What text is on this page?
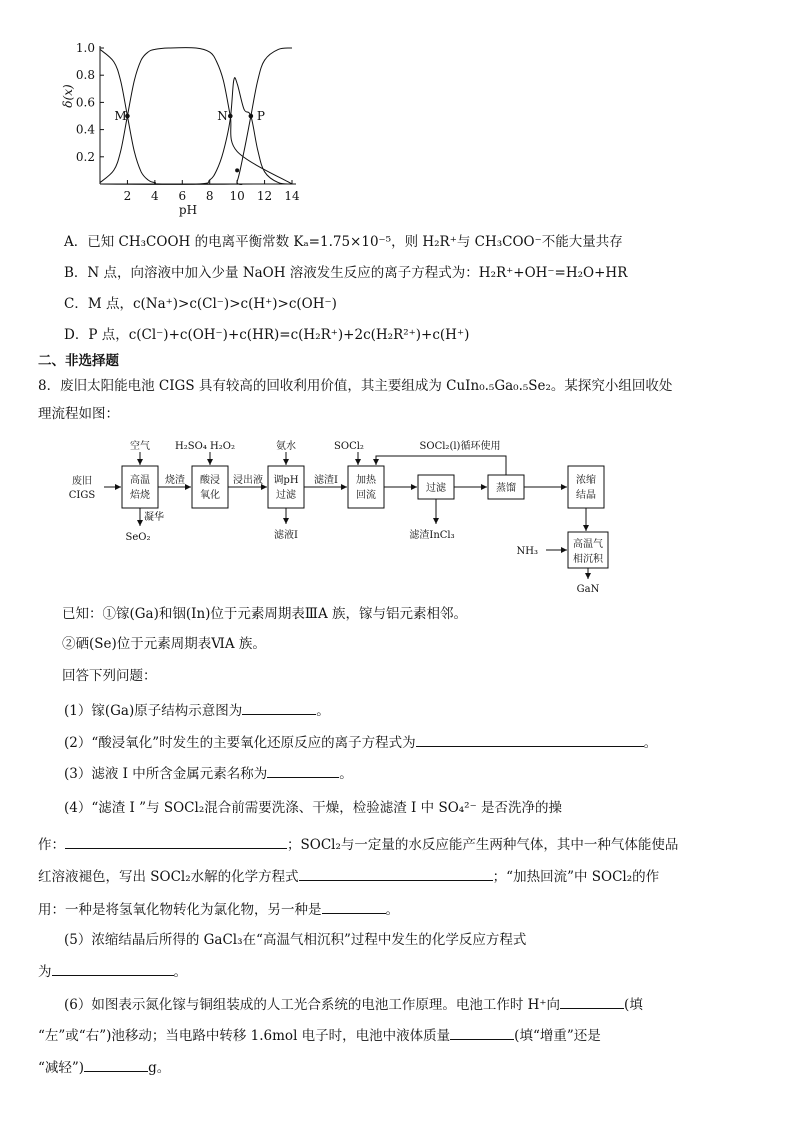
1.0
0.8
0.6
0.4
0.2
2 4 6 8 10 12 14
pH
δ(x)
M	N P
A．已知 CH₃COOH 的电离平衡常数 Kₐ=1.75×10⁻⁵，则 H₂R⁺与 CH₃COO⁻不能大量共存
B．N 点，向溶液中加入少量 NaOH 溶液发生反应的离子方程式为：H₂R⁺+OH⁻=H₂O+HR
C．M 点，c(Na⁺)>c(Cl⁻)>c(H⁺)>c(OH⁻)
D．P 点，c(Cl⁻)+c(OH⁻)+c(HR)=c(H₂R⁺)+2c(H₂R²⁺)+c(H⁺)
二、非选择题
8．废旧太阳能电池 CIGS 具有较高的回收利用价值，其主要组成为 CuIn₀.₅Ga₀.₅Se₂。某探究小组回收处
理流程如图：
废旧
CIGS
高温
焙烧
酸浸
氧化
调pH
过滤
加热
回流
过滤	蒸馏
浓缩
结晶
高温气
相沉积
空气	H₂SO₄ H₂O₂	氨水	SOCl₂	SOCl₂(l)循环使用
烧渣	浸出液	滤渣I
凝华
SeO₂	滤液I	滤渣InCl₃
NH₃
GaN
已知：①镓(Ga)和铟(In)位于元素周期表ⅢA 族，镓与铝元素相邻。
②硒(Se)位于元素周期表ⅥA 族。
回答下列问题：
(1）镓(Ga)原子结构示意图为	。
(2）“酸浸氧化”时发生的主要氧化还原反应的离子方程式为	。
(3）滤液 I 中所含金属元素名称为	。
(4）“滤渣 I ”与 SOCl₂混合前需要洗涤、干燥，检验滤渣 I 中 SO₄²⁻ 是否洗净的操
作：	；SOCl₂与一定量的水反应能产生两种气体，其中一种气体能使品
红溶液褪色，写出 SOCl₂水解的化学方程式	；“加热回流”中 SOCl₂的作
用：一种是将氢氧化物转化为氯化物，另一种是	。
(5）浓缩结晶后所得的 GaCl₃在“高温气相沉积”过程中发生的化学反应方程式
为	。
(6）如图表示氮化镓与铜组装成的人工光合系统的电池工作原理。电池工作时 H⁺向	(填
“左”或“右”)池移动；当电路中转移 1.6mol 电子时，电池中液体质量	(填“增重”还是
“减轻”)	g。
